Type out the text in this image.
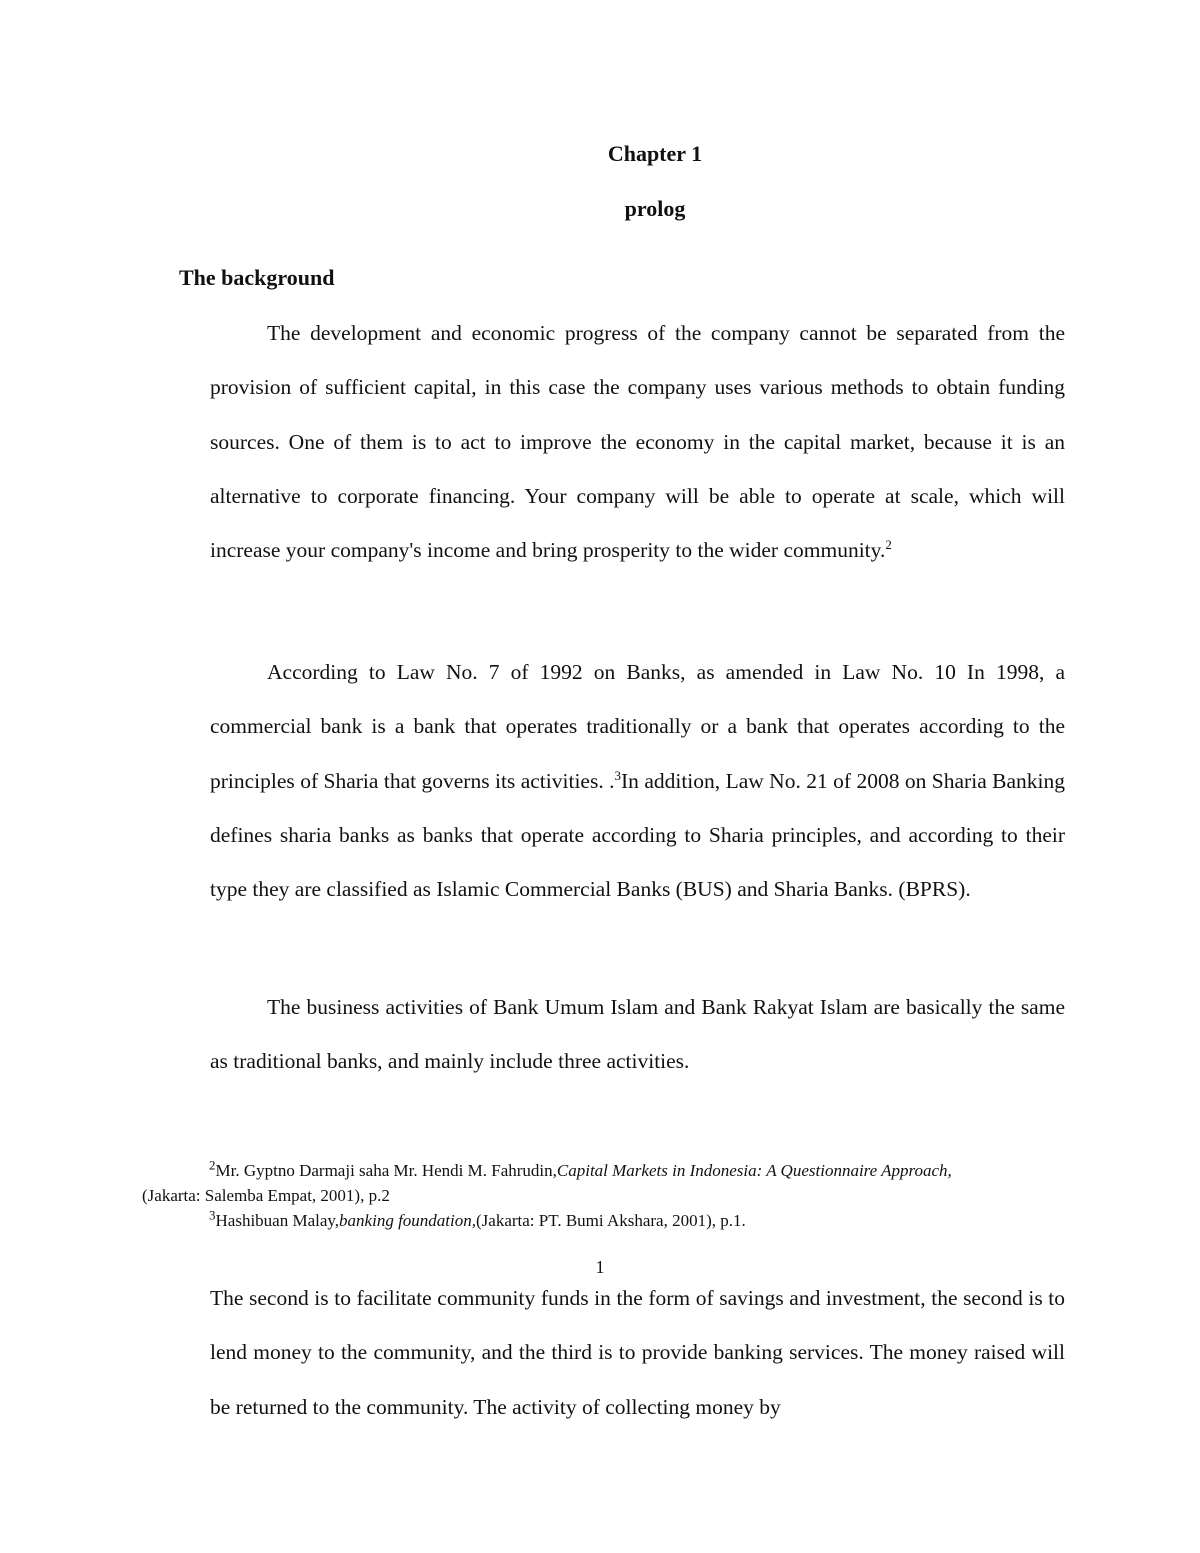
Chapter 1
prolog
The background

The development and economic progress of the company cannot be separated from the provision of sufficient capital, in this case the company uses various methods to obtain funding sources. One of them is to act to improve the economy in the capital market, because it is an alternative to corporate financing. Your company will be able to operate at scale, which will increase your company's income and bring prosperity to the wider community.$^2$

According to Law No. 7 of 1992 on Banks, as amended in Law No. 10 In 1998, a commercial bank is a bank that operates traditionally or a bank that operates according to the principles of Sharia that governs its activities. .$^3$In addition, Law No. 21 of 2008 on Sharia Banking defines sharia banks as banks that operate according to Sharia principles, and according to their type they are classified as Islamic Commercial Banks (BUS) and Sharia Banks. (BPRS).

The business activities of Bank Umum Islam and Bank Rakyat Islam are basically the same as traditional banks, and mainly include three activities.

$^2$Mr. Gyptno Darmaji saha Mr. Hendi M. Fahrudin,Capital Markets in Indonesia: A Questionnaire Approach,(Jakarta: Salemba Empat, 2001), p.2

$^3$Hashibuan Malay,banking foundation,(Jakarta: PT. Bumi Akshara, 2001), p.1.

1

The second is to facilitate community funds in the form of savings and investment, the second is to lend money to the community, and the third is to provide banking services. The money raised will be returned to the community. The activity of collecting money by
